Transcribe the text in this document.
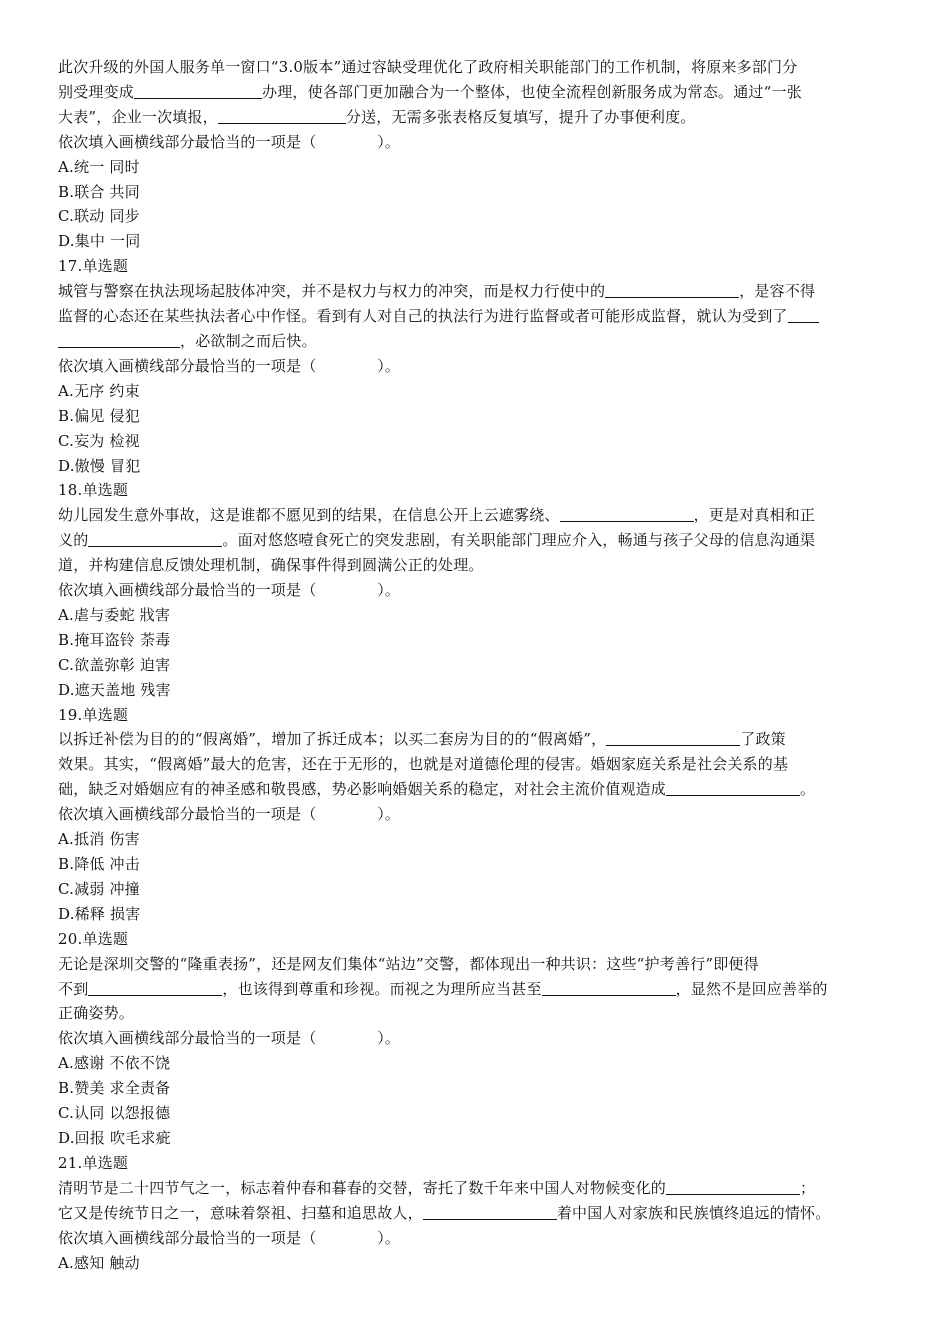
此次升级的外国人服务单一窗口“3.0版本”通过容缺受理优化了政府相关职能部门的工作机制，将原来多部门分

别受理变成	办理，使各部门更加融合为一个整体，也使全流程创新服务成为常态。通过“一张

大表”，企业一次填报，	分送，无需多张表格反复填写，提升了办事便利度。

依次填入画横线部分最恰当的一项是（　　　　）。

A.统一 同时

B.联合 共同

C.联动 同步

D.集中 一同

17.单选题

城管与警察在执法现场起肢体冲突，并不是权力与权力的冲突，而是权力行使中的	，是容不得

监督的心态还在某些执法者心中作怪。看到有人对自己的执法行为进行监督或者可能形成监督，就认为受到了

，必欲制之而后快。

依次填入画横线部分最恰当的一项是（　　　　）。

A.无序 约束

B.偏见 侵犯

C.妄为 检视

D.傲慢 冒犯

18.单选题

幼儿园发生意外事故，这是谁都不愿见到的结果，在信息公开上云遮雾绕、	，更是对真相和正

义的	。面对悠悠噎食死亡的突发悲剧，有关职能部门理应介入，畅通与孩子父母的信息沟通渠

道，并构建信息反馈处理机制，确保事件得到圆满公正的处理。

依次填入画横线部分最恰当的一项是（　　　　）。

A.虐与委蛇 戕害

B.掩耳盗铃 荼毒

C.欲盖弥彰 迫害

D.遮天盖地 残害

19.单选题

以拆迁补偿为目的的“假离婚”，增加了拆迁成本；以买二套房为目的的“假离婚”，	了政策

效果。其实，“假离婚”最大的危害，还在于无形的，也就是对道德伦理的侵害。婚姻家庭关系是社会关系的基

础，缺乏对婚姻应有的神圣感和敬畏感，势必影响婚姻关系的稳定，对社会主流价值观造成	。

依次填入画横线部分最恰当的一项是（　　　　）。

A.抵消 伤害

B.降低 冲击

C.减弱 冲撞

D.稀释 损害

20.单选题

无论是深圳交警的“隆重表扬”，还是网友们集体“站边”交警，都体现出一种共识：这些“护考善行”即便得

不到	，也该得到尊重和珍视。而视之为理所应当甚至	，显然不是回应善举的

正确姿势。

依次填入画横线部分最恰当的一项是（　　　　）。

A.感谢 不依不饶

B.赞美 求全责备

C.认同 以怨报德

D.回报 吹毛求疵

21.单选题

清明节是二十四节气之一，标志着仲春和暮春的交替，寄托了数千年来中国人对物候变化的	；

它又是传统节日之一，意味着祭祖、扫墓和追思故人，	着中国人对家族和民族慎终追远的情怀。

依次填入画横线部分最恰当的一项是（　　　　）。

A.感知 触动
